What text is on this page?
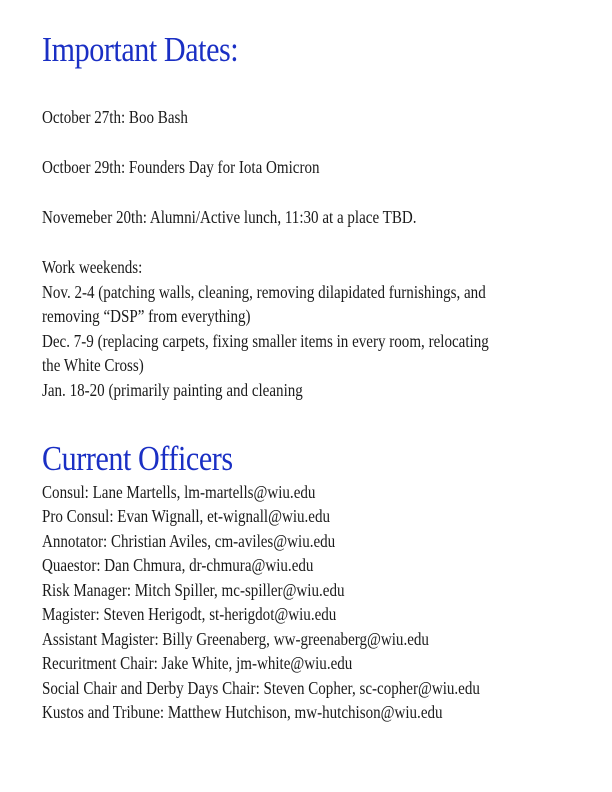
Important Dates:
October 27th: Boo Bash
Octboer 29th: Founders Day for Iota Omicron
Novemeber 20th: Alumni/Active lunch, 11:30 at a place TBD.
Work weekends:
Nov. 2-4 (patching walls, cleaning, removing dilapidated furnishings, and
removing “DSP” from everything)
Dec. 7-9 (replacing carpets, fixing smaller items in every room, relocating
the White Cross)
Jan. 18-20 (primarily painting and cleaning
Current Officers
Consul: Lane Martells, lm-martells@wiu.edu
Pro Consul: Evan Wignall, et-wignall@wiu.edu
Annotator: Christian Aviles, cm-aviles@wiu.edu
Quaestor: Dan Chmura, dr-chmura@wiu.edu
Risk Manager: Mitch Spiller, mc-spiller@wiu.edu
Magister: Steven Herigodt, st-herigdot@wiu.edu
Assistant Magister: Billy Greenaberg, ww-greenaberg@wiu.edu
Recuritment Chair: Jake White, jm-white@wiu.edu
Social Chair and Derby Days Chair: Steven Copher, sc-copher@wiu.edu
Kustos and Tribune: Matthew Hutchison, mw-hutchison@wiu.edu
